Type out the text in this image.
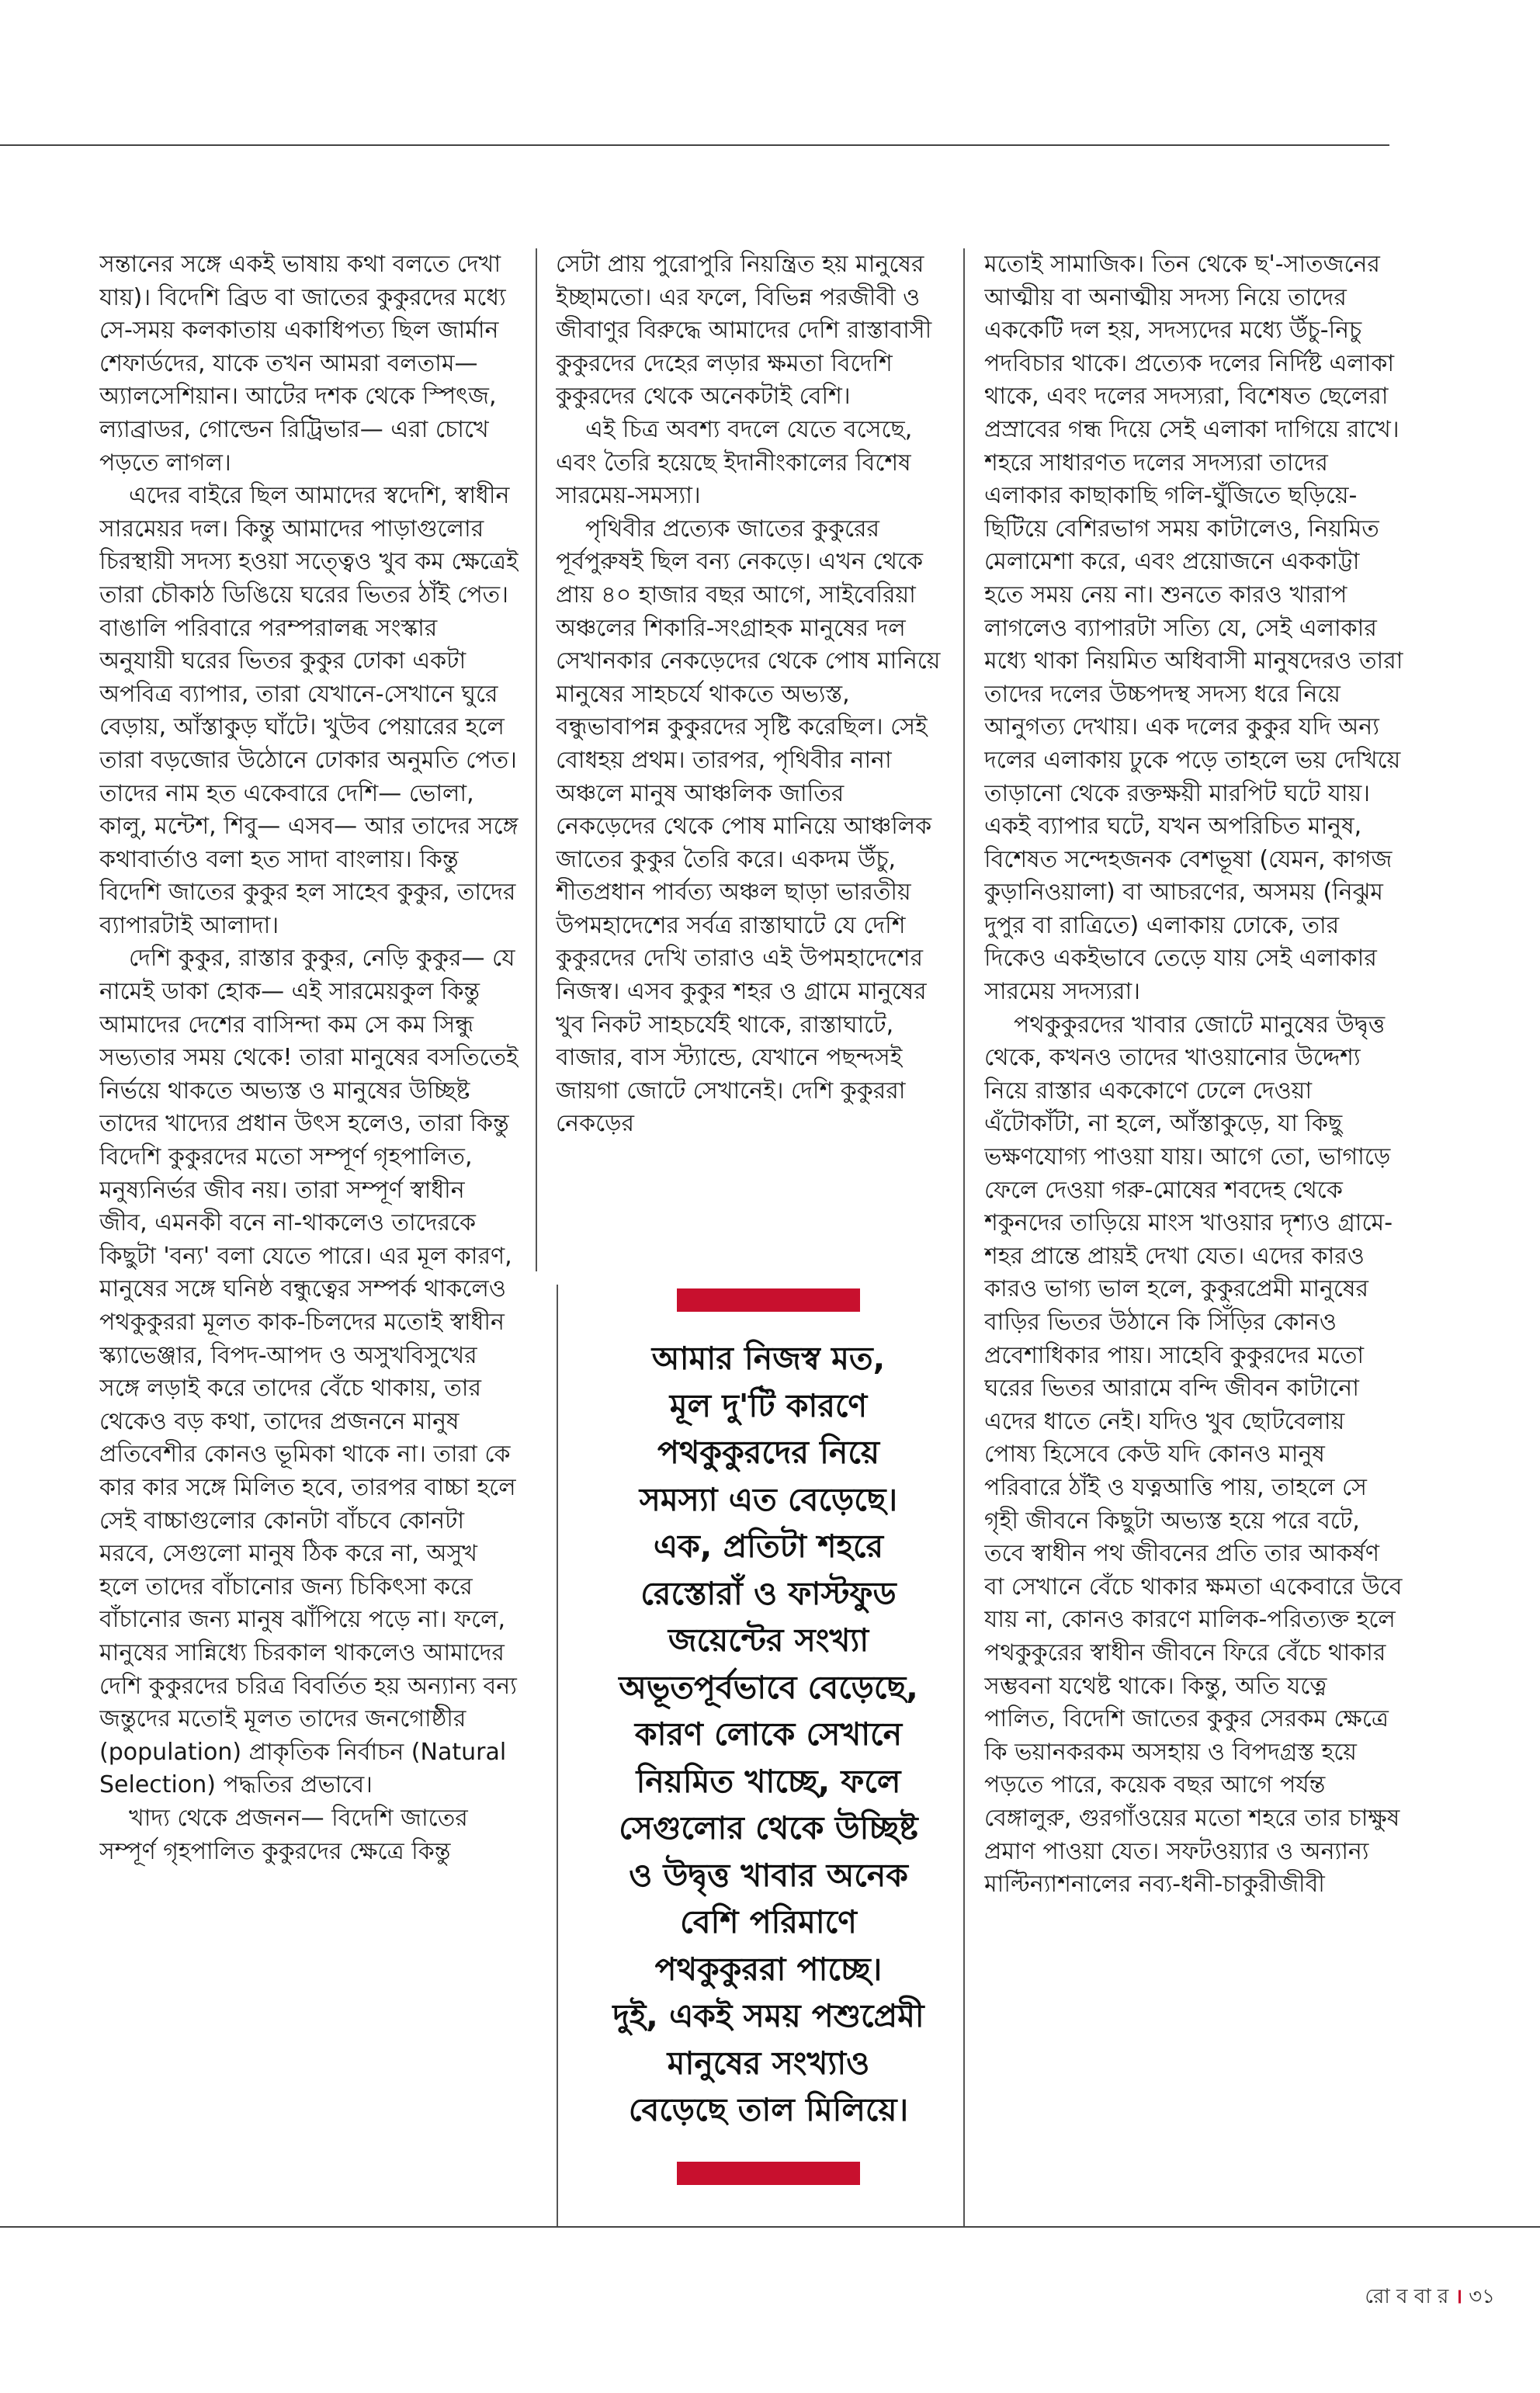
সন্তানের সঙ্গে একই ভাষায় কথা বলতে দেখা যায়)। বিদেশি ব্রিড বা জাতের কুকুরদের মধ্যে সে-সময় কলকাতায় একাধিপত্য ছিল জার্মান শেফার্ডদের, যাকে তখন আমরা বলতাম— অ্যালসেশিয়ান। আটের দশক থেকে স্পিৎজ, ল্যাব্রাডর, গোল্ডেন রিট্রিভার— এরা চোখে পড়তে লাগল।

এদের বাইরে ছিল আমাদের স্বদেশি, স্বাধীন সারমেয়র দল। কিন্তু আমাদের পাড়াগুলোর চিরস্থায়ী সদস্য হওয়া সত্ত্বেও খুব কম ক্ষেত্রেই তারা চৌকাঠ ডিঙিয়ে ঘরের ভিতর ঠাঁই পেত। বাঙালি পরিবারে পরম্পরালব্ধ সংস্কার অনুযায়ী ঘরের ভিতর কুকুর ঢোকা একটা অপবিত্র ব্যাপার, তারা যেখানে-সেখানে ঘুরে বেড়ায়, আঁস্তাকুড় ঘাঁটে। খুউব পেয়ারের হলে তারা বড়জোর উঠোনে ঢোকার অনুমতি পেত। তাদের নাম হত একেবারে দেশি— ভোলা, কালু, মন্টেশ, শিবু— এসব— আর তাদের সঙ্গে কথাবার্তাও বলা হত সাদা বাংলায়। কিন্তু বিদেশি জাতের কুকুর হল সাহেব কুকুর, তাদের ব্যাপারটাই আলাদা।

দেশি কুকুর, রাস্তার কুকুর, নেড়ি কুকুর— যে নামেই ডাকা হোক— এই সারমেয়কুল কিন্তু আমাদের দেশের বাসিন্দা কম সে কম সিন্ধু সভ্যতার সময় থেকে! তারা মানুষের বসতিতেই নির্ভয়ে থাকতে অভ্যস্ত ও মানুষের উচ্ছিষ্ট তাদের খাদ্যের প্রধান উৎস হলেও, তারা কিন্তু বিদেশি কুকুরদের মতো সম্পূর্ণ গৃহপালিত, মনুষ্যনির্ভর জীব নয়। তারা সম্পূর্ণ স্বাধীন জীব, এমনকী বনে না-থাকলেও তাদেরকে কিছুটা 'বন্য' বলা যেতে পারে। এর মূল কারণ, মানুষের সঙ্গে ঘনিষ্ঠ বন্ধুত্বের সম্পর্ক থাকলেও পথকুকুররা মূলত কাক-চিলদের মতোই স্বাধীন স্ক্যাভেঞ্জার, বিপদ-আপদ ও অসুখবিসুখের সঙ্গে লড়াই করে তাদের বেঁচে থাকায়, তার থেকেও বড় কথা, তাদের প্রজননে মানুষ প্রতিবেশীর কোনও ভূমিকা থাকে না। তারা কে কার কার সঙ্গে মিলিত হবে, তারপর বাচ্চা হলে সেই বাচ্চাগুলোর কোনটা বাঁচবে কোনটা মরবে, সেগুলো মানুষ ঠিক করে না, অসুখ হলে তাদের বাঁচানোর জন্য চিকিৎসা করে বাঁচানোর জন্য মানুষ ঝাঁপিয়ে পড়ে না। ফলে, মানুষের সান্নিধ্যে চিরকাল থাকলেও আমাদের দেশি কুকুরদের চরিত্র বিবর্তিত হয় অন্যান্য বন্য জন্তুদের মতোই মূলত তাদের জনগোষ্ঠীর (population) প্রাকৃতিক নির্বাচন (Natural Selection) পদ্ধতির প্রভাবে।

খাদ্য থেকে প্রজনন— বিদেশি জাতের সম্পূর্ণ গৃহপালিত কুকুরদের ক্ষেত্রে কিন্তু

সেটা প্রায় পুরোপুরি নিয়ন্ত্রিত হয় মানুষের ইচ্ছামতো। এর ফলে, বিভিন্ন পরজীবী ও জীবাণুর বিরুদ্ধে আমাদের দেশি রাস্তাবাসী কুকুরদের দেহের লড়ার ক্ষমতা বিদেশি কুকুরদের থেকে অনেকটাই বেশি।

এই চিত্র অবশ্য বদলে যেতে বসেছে, এবং তৈরি হয়েছে ইদানীংকালের বিশেষ সারমেয়-সমস্যা।

পৃথিবীর প্রত্যেক জাতের কুকুরের পূর্বপুরুষই ছিল বন্য নেকড়ে। এখন থেকে প্রায় ৪০ হাজার বছর আগে, সাইবেরিয়া অঞ্চলের শিকারি-সংগ্রাহক মানুষের দল সেখানকার নেকড়েদের থেকে পোষ মানিয়ে মানুষের সাহচর্যে থাকতে অভ্যস্ত, বন্ধুভাবাপন্ন কুকুরদের সৃষ্টি করেছিল। সেই বোধহয় প্রথম। তারপর, পৃথিবীর নানা অঞ্চলে মানুষ আঞ্চলিক জাতির নেকড়েদের থেকে পোষ মানিয়ে আঞ্চলিক জাতের কুকুর তৈরি করে। একদম উঁচু, শীতপ্রধান পার্বত্য অঞ্চল ছাড়া ভারতীয় উপমহাদেশের সর্বত্র রাস্তাঘাটে যে দেশি কুকুরদের দেখি তারাও এই উপমহাদেশের নিজস্ব। এসব কুকুর শহর ও গ্রামে মানুষের খুব নিকট সাহচর্যেই থাকে, রাস্তাঘাটে, বাজার, বাস স্ট্যান্ডে, যেখানে পছন্দসই জায়গা জোটে সেখানেই। দেশি কুকুররা নেকড়ের

আমার নিজস্ব মত,
মূল দু'টি কারণে
পথকুকুরদের নিয়ে
সমস্যা এত বেড়েছে।
এক, প্রতিটা শহরে
রেস্তোরাঁ ও ফাস্টফুড
জয়েন্টের সংখ্যা
অভূতপূর্বভাবে বেড়েছে,
কারণ লোকে সেখানে
নিয়মিত খাচ্ছে, ফলে
সেগুলোর থেকে উচ্ছিষ্ট
ও উদ্বৃত্ত খাবার অনেক
বেশি পরিমাণে
পথকুকুররা পাচ্ছে।
দুই, একই সময় পশুপ্রেমী
মানুষের সংখ্যাও
বেড়েছে তাল মিলিয়ে।

মতোই সামাজিক। তিন থেকে ছ'-সাতজনের আত্মীয় বা অনাত্মীয় সদস্য নিয়ে তাদের এককেটি দল হয়, সদস্যদের মধ্যে উঁচু-নিচু পদবিচার থাকে। প্রত্যেক দলের নির্দিষ্ট এলাকা থাকে, এবং দলের সদস্যরা, বিশেষত ছেলেরা প্রস্রাবের গন্ধ দিয়ে সেই এলাকা দাগিয়ে রাখে। শহরে সাধারণত দলের সদস্যরা তাদের এলাকার কাছাকাছি গলি-ঘুঁজিতে ছড়িয়ে-ছিটিয়ে বেশিরভাগ সময় কাটালেও, নিয়মিত মেলামেশা করে, এবং প্রয়োজনে এককাট্টা হতে সময় নেয় না। শুনতে কারও খারাপ লাগলেও ব্যাপারটা সত্যি যে, সেই এলাকার মধ্যে থাকা নিয়মিত অধিবাসী মানুষদেরও তারা তাদের দলের উচ্চপদস্থ সদস্য ধরে নিয়ে আনুগত্য দেখায়। এক দলের কুকুর যদি অন্য দলের এলাকায় ঢুকে পড়ে তাহলে ভয় দেখিয়ে তাড়ানো থেকে রক্তক্ষয়ী মারপিট ঘটে যায়। একই ব্যাপার ঘটে, যখন অপরিচিত মানুষ, বিশেষত সন্দেহজনক বেশভূষা (যেমন, কাগজ কুড়ানিওয়ালা) বা আচরণের, অসময় (নিঝুম দুপুর বা রাত্রিতে) এলাকায় ঢোকে, তার দিকেও একইভাবে তেড়ে যায় সেই এলাকার সারমেয় সদস্যরা।

পথকুকুরদের খাবার জোটে মানুষের উদ্বৃত্ত থেকে, কখনও তাদের খাওয়ানোর উদ্দেশ্য নিয়ে রাস্তার এককোণে ঢেলে দেওয়া এঁটোকাঁটা, না হলে, আঁস্তাকুড়ে, যা কিছু ভক্ষণযোগ্য পাওয়া যায়। আগে তো, ভাগাড়ে ফেলে দেওয়া গরু-মোষের শবদেহ থেকে শকুনদের তাড়িয়ে মাংস খাওয়ার দৃশ্যও গ্রামে-শহর প্রান্তে প্রায়ই দেখা যেত। এদের কারও কারও ভাগ্য ভাল হলে, কুকুরপ্রেমী মানুষের বাড়ির ভিতর উঠানে কি সিঁড়ির কোনও প্রবেশাধিকার পায়। সাহেবি কুকুরদের মতো ঘরের ভিতর আরামে বন্দি জীবন কাটানো এদের ধাতে নেই। যদিও খুব ছোটবেলায় পোষ্য হিসেবে কেউ যদি কোনও মানুষ পরিবারে ঠাঁই ও যত্নআত্তি পায়, তাহলে সে গৃহী জীবনে কিছুটা অভ্যস্ত হয়ে পরে বটে, তবে স্বাধীন পথ জীবনের প্রতি তার আকর্ষণ বা সেখানে বেঁচে থাকার ক্ষমতা একেবারে উবে যায় না, কোনও কারণে মালিক-পরিত্যক্ত হলে পথকুকুরের স্বাধীন জীবনে ফিরে বেঁচে থাকার সম্ভবনা যথেষ্ট থাকে। কিন্তু, অতি যত্নে পালিত, বিদেশি জাতের কুকুর সেরকম ক্ষেত্রে কি ভয়ানকরকম অসহায় ও বিপদগ্রস্ত হয়ে পড়তে পারে, কয়েক বছর আগে পর্যন্ত বেঙ্গালুরু, গুরগাঁওয়ের মতো শহরে তার চাক্ষুষ প্রমাণ পাওয়া যেত। সফটওয়্যার ও অন্যান্য মাল্টিন্যাশনালের নব্য-ধনী-চাকুরীজীবী

রো ব বা র । ৩১
